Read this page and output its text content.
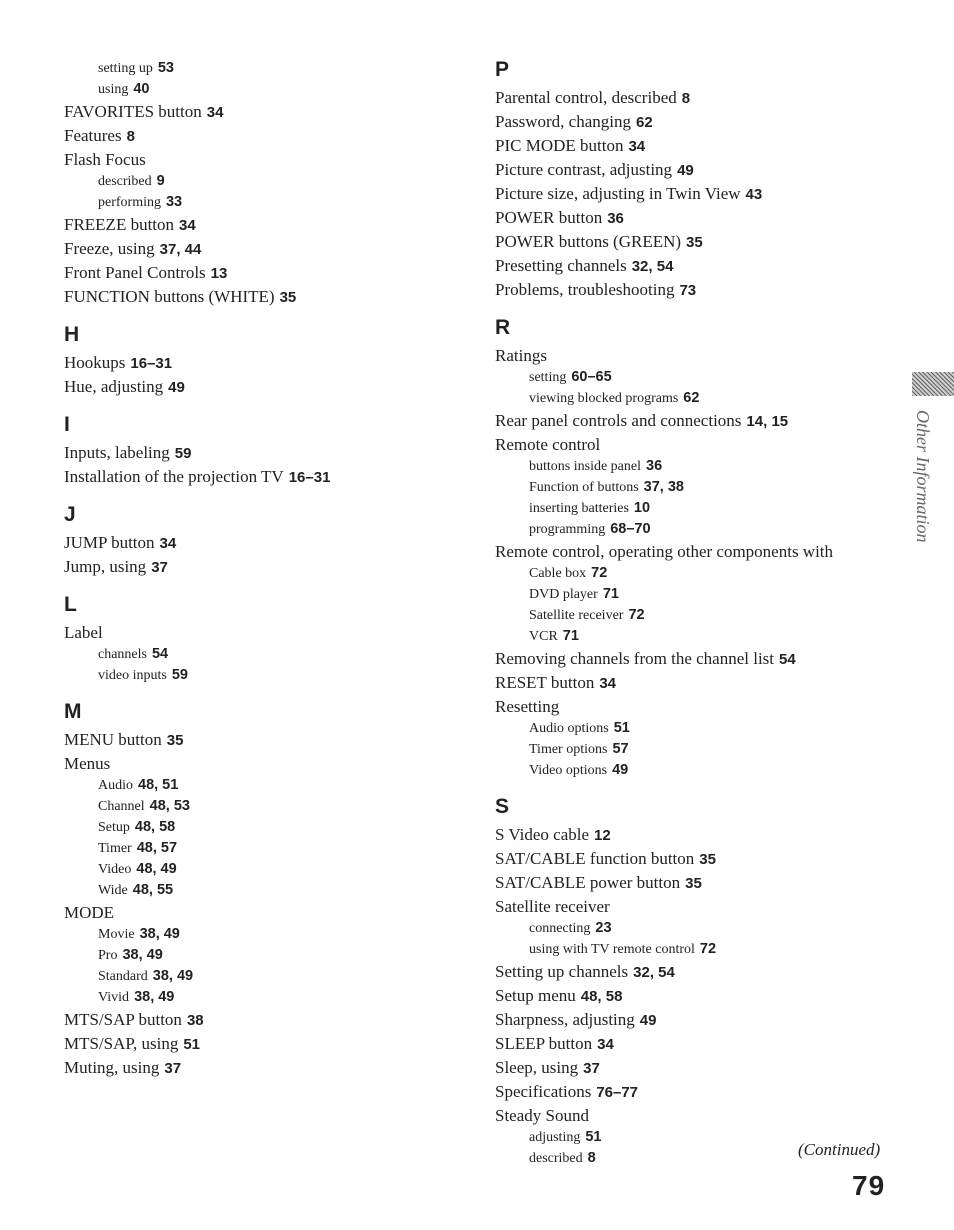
setting up 53
using 40
FAVORITES button 34
Features 8
Flash Focus
described 9
performing 33
FREEZE button 34
Freeze, using 37, 44
Front Panel Controls 13
FUNCTION buttons (WHITE) 35
H
Hookups 16–31
Hue, adjusting 49
I
Inputs, labeling 59
Installation of the projection TV 16–31
J
JUMP button 34
Jump, using 37
L
Label
channels 54
video inputs 59
M
MENU button 35
Menus
Audio 48, 51
Channel 48, 53
Setup 48, 58
Timer 48, 57
Video 48, 49
Wide 48, 55
MODE
Movie 38, 49
Pro 38, 49
Standard 38, 49
Vivid 38, 49
MTS/SAP button 38
MTS/SAP, using 51
Muting, using 37
P
Parental control, described 8
Password, changing 62
PIC MODE button 34
Picture contrast, adjusting 49
Picture size, adjusting in Twin View 43
POWER button 36
POWER buttons (GREEN) 35
Presetting channels 32, 54
Problems, troubleshooting 73
R
Ratings
setting 60–65
viewing blocked programs 62
Rear panel controls and connections 14, 15
Remote control
buttons inside panel 36
Function of buttons 37, 38
inserting batteries 10
programming 68–70
Remote control, operating other components with
Cable box 72
DVD player 71
Satellite receiver 72
VCR 71
Removing channels from the channel list 54
RESET button 34
Resetting
Audio options 51
Timer options 57
Video options 49
S
S Video cable 12
SAT/CABLE function button 35
SAT/CABLE power button 35
Satellite receiver
connecting 23
using with TV remote control 72
Setting up channels 32, 54
Setup menu 48, 58
Sharpness, adjusting 49
SLEEP button 34
Sleep, using 37
Specifications 76–77
Steady Sound
adjusting 51
described 8
Other Information
(Continued)
79
